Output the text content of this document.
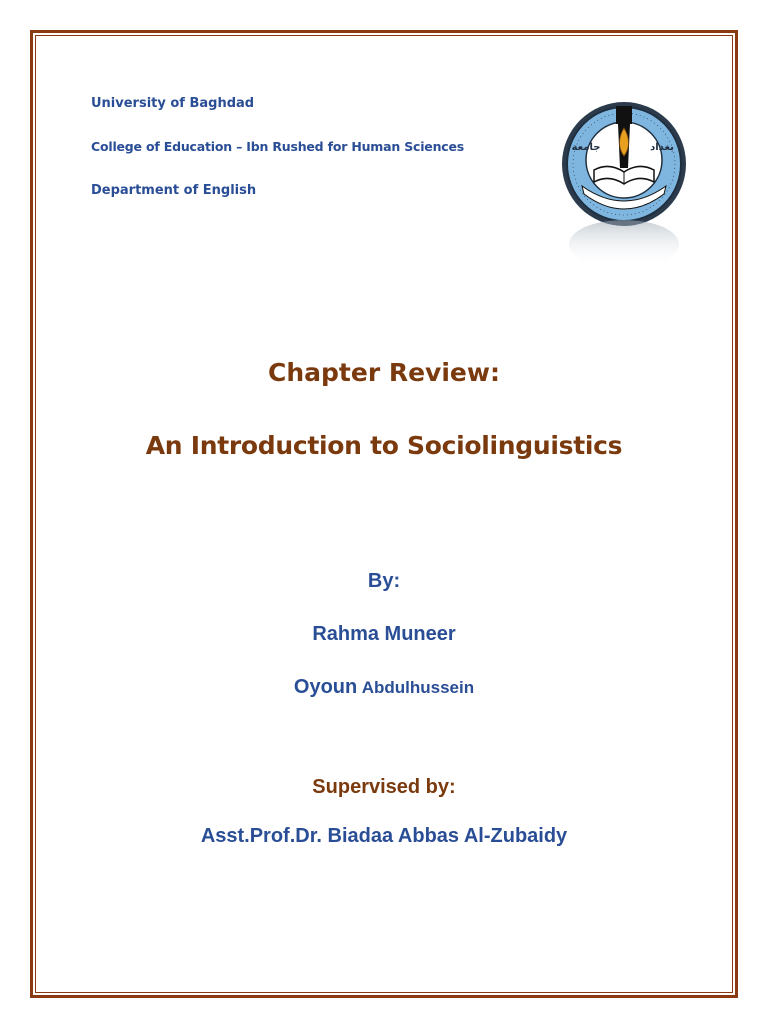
University of Baghdad
College of Education – Ibn Rushed for Human Sciences
Department of English
جامعة	بغداد
Chapter Review:
An Introduction to Sociolinguistics
By:
Rahma Muneer
Oyoun Abdulhussein
Supervised by:
Asst.Prof.Dr. Biadaa Abbas Al-Zubaidy
